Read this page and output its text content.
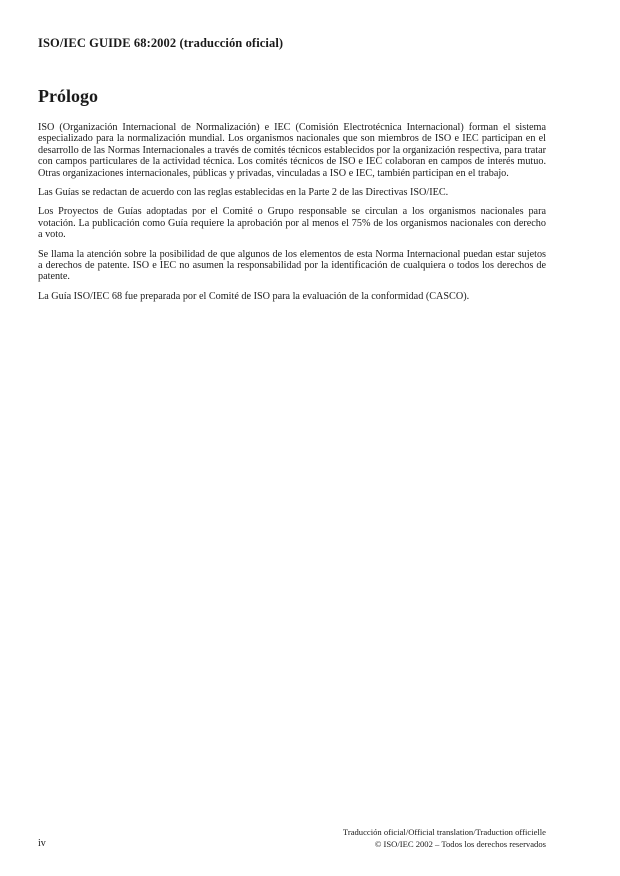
ISO/IEC GUIDE 68:2002 (traducción oficial)
Prólogo

ISO (Organización Internacional de Normalización) e IEC (Comisión Electrotécnica Internacional) forman el sistema especializado para la normalización mundial. Los organismos nacionales que son miembros de ISO e IEC participan en el desarrollo de las Normas Internacionales a través de comités técnicos establecidos por la organización respectiva, para tratar con campos particulares de la actividad técnica. Los comités técnicos de ISO e IEC colaboran en campos de interés mutuo. Otras organizaciones internacionales, públicas y privadas, vinculadas a ISO e IEC, también participan en el trabajo.

Las Guías se redactan de acuerdo con las reglas establecidas en la Parte 2 de las Directivas ISO/IEC.

Los Proyectos de Guías adoptadas por el Comité o Grupo responsable se circulan a los organismos nacionales para votación. La publicación como Guía requiere la aprobación por al menos el 75% de los organismos nacionales con derecho a voto.

Se llama la atención sobre la posibilidad de que algunos de los elementos de esta Norma Internacional puedan estar sujetos a derechos de patente. ISO e IEC no asumen la responsabilidad por la identificación de cualquiera o todos los derechos de patente.

La Guía ISO/IEC 68 fue preparada por el Comité de ISO para la evaluación de la conformidad (CASCO).

iv
Traducción oficial/Official translation/Traduction officielle
© ISO/IEC 2002 – Todos los derechos reservados
